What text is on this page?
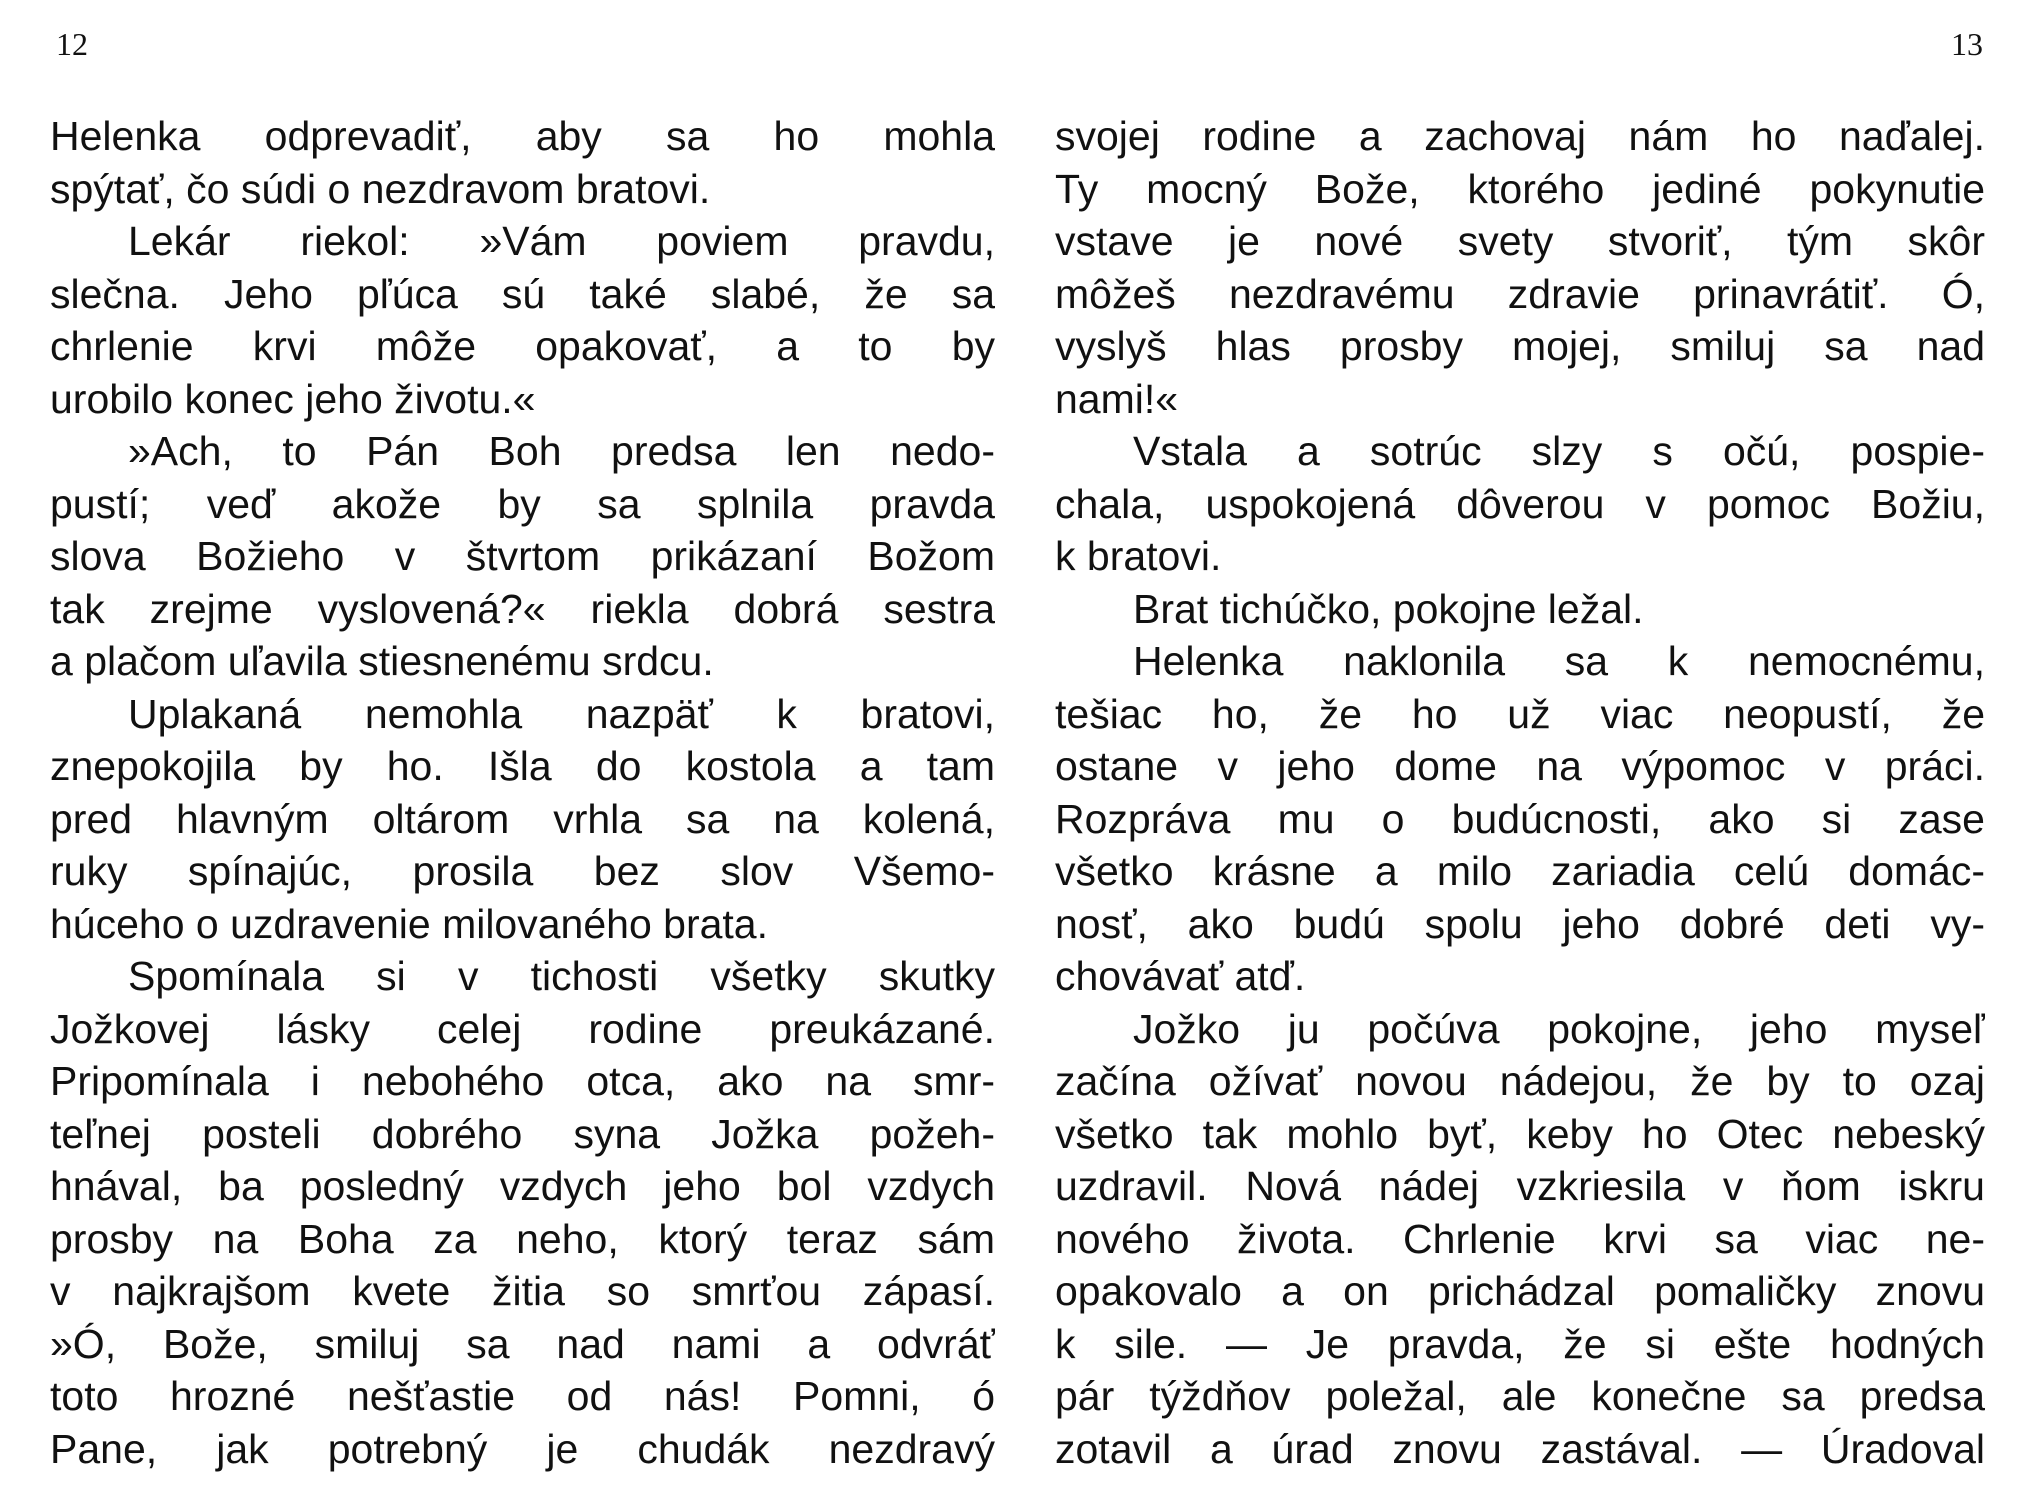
12
Helenka odprevadiť, aby sa ho mohla
spýtať, čo súdi o nezdravom bratovi.
Lekár riekol: »Vám poviem pravdu,
slečna. Jeho pľúca sú také slabé, že sa
chrlenie krvi môže opakovať, a to by
urobilo konec jeho životu.«
»Ach, to Pán Boh predsa len nedo-
pustí; veď akože by sa splnila pravda
slova Božieho v štvrtom prikázaní Božom
tak zrejme vyslovená?« riekla dobrá sestra
a plačom uľavila stiesnenému srdcu.
Uplakaná nemohla nazpäť k bratovi,
znepokojila by ho. Išla do kostola a tam
pred hlavným oltárom vrhla sa na kolená,
ruky spínajúc, prosila bez slov Všemo-
húceho o uzdravenie milovaného brata.
Spomínala si v tichosti všetky skutky
Jožkovej lásky celej rodine preukázané.
Pripomínala i nebohého otca, ako na smr-
teľnej posteli dobrého syna Jožka požeh-
hnával, ba posledný vzdych jeho bol vzdych
prosby na Boha za neho, ktorý teraz sám
v najkrajšom kvete žitia so smrťou zápasí.
»Ó, Bože, smiluj sa nad nami a odvráť
toto hrozné nešťastie od nás! Pomni, ó
Pane, jak potrebný je chudák nezdravý
13
svojej rodine a zachovaj nám ho naďalej.
Ty mocný Bože, ktorého jediné pokynutie
vstave je nové svety stvoriť, tým skôr
môžeš nezdravému zdravie prinavrátiť. Ó,
vyslyš hlas prosby mojej, smiluj sa nad
nami!«
Vstala a sotrúc slzy s očú, pospie-
chala, uspokojená dôverou v pomoc Božiu,
k bratovi.
Brat tichúčko, pokojne ležal.
Helenka naklonila sa k nemocnému,
tešiac ho, že ho už viac neopustí, že
ostane v jeho dome na výpomoc v práci.
Rozpráva mu o budúcnosti, ako si zase
všetko krásne a milo zariadia celú domác-
nosť, ako budú spolu jeho dobré deti vy-
chovávať atď.
Jožko ju počúva pokojne, jeho myseľ
začína ožívať novou nádejou, že by to ozaj
všetko tak mohlo byť, keby ho Otec nebeský
uzdravil. Nová nádej vzkriesila v ňom iskru
nového života. Chrlenie krvi sa viac ne-
opakovalo a on prichádzal pomaličky znovu
k sile. — Je pravda, že si ešte hodných
pár týždňov poležal, ale konečne sa predsa
zotavil a úrad znovu zastával. — Úradoval
